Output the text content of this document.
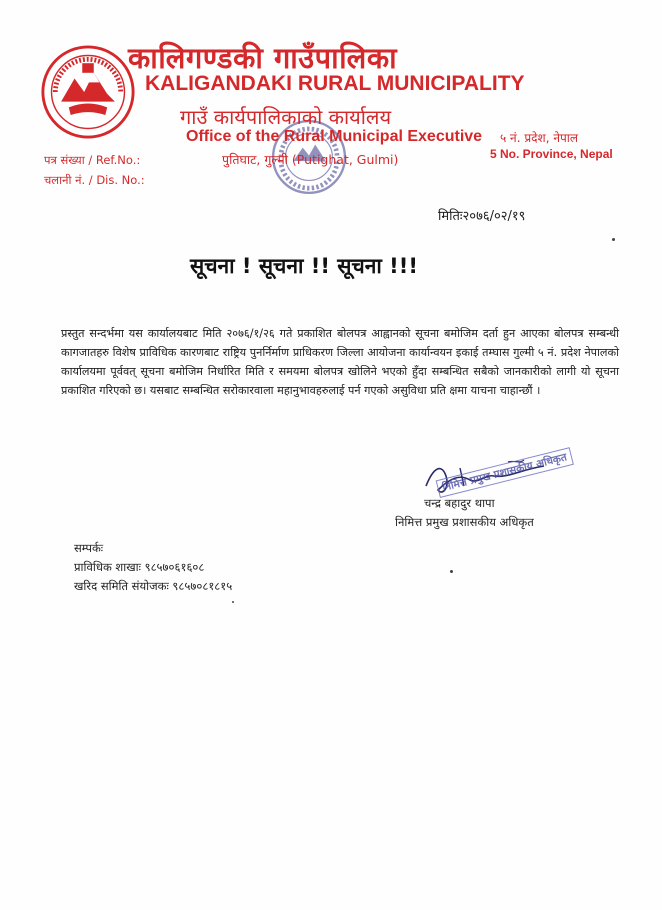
कालिगण्डकी गाउँपालिका
KALIGANDAKI RURAL MUNICIPALITY
गाउँ कार्यपालिकाको कार्यालय
Office of the Rural Municipal Executive
पुतिघाट, गुल्मी (Putighat, Gulmi)
५ नं. प्रदेश, नेपाल
5 No. Province, Nepal
पत्र संख्या / Ref.No.:
चलानी नं. / Dis. No.:
मितिः२०७६/०२/१९
सूचना ! सूचना !! सूचना !!!

प्रस्तुत सन्दर्भमा यस कार्यालयबाट मिति २०७६/१/२६ गते प्रकाशित बोलपत्र आह्वानको सूचना बमोजिम दर्ता हुन आएका बोलपत्र सम्बन्धी कागजातहरु विशेष प्राविधिक कारणबाट राष्ट्रिय पुनर्निर्माण प्राधिकरण जिल्ला आयोजना कार्यान्वयन इकाई तम्घास गुल्मी ५ नं. प्रदेश नेपालको कार्यालयमा पूर्ववत् सूचना बमोजिम निर्धारित मिति र समयमा बोलपत्र खोलिने भएको हुँदा सम्बन्धित सबैको जानकारीको लागी यो सूचना प्रकाशित गरिएको छ। यसबाट सम्बन्धित सरोकारवाला महानुभावहरुलाई पर्न गएको असुविधा प्रति क्षमा याचना चाहान्छौं ।

चन्द्र बहादुर थापा
निमित्त प्रमुख प्रशासकीय अधिकृत
निमित्त प्रमुख प्रशासकीय अधिकृत
सम्पर्कः
प्राविधिक शाखाः ९८५७०६१६०८
खरिद समिति संयोजकः ९८५७०८१८१५
